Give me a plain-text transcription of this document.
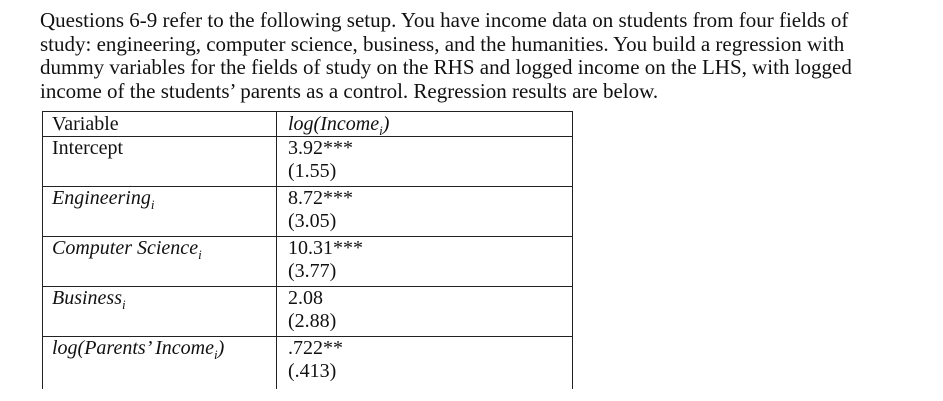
Questions 6-9 refer to the following setup. You have income data on students from four fields of
study: engineering, computer science, business, and the humanities. You build a regression with
dummy variables for the fields of study on the RHS and logged income on the LHS, with logged
income of the students’ parents as a control. Regression results are below.
Variable	log(Income$_i$)
Intercept	3.92***
(1.55)

Engineering$_i$	8.72***
(3.05)

Computer Science$_i$	10.31***
(3.77)

Business$_i$	2.08
(2.88)

log(Parents’ Income$_i$)	.722**
(.413)
